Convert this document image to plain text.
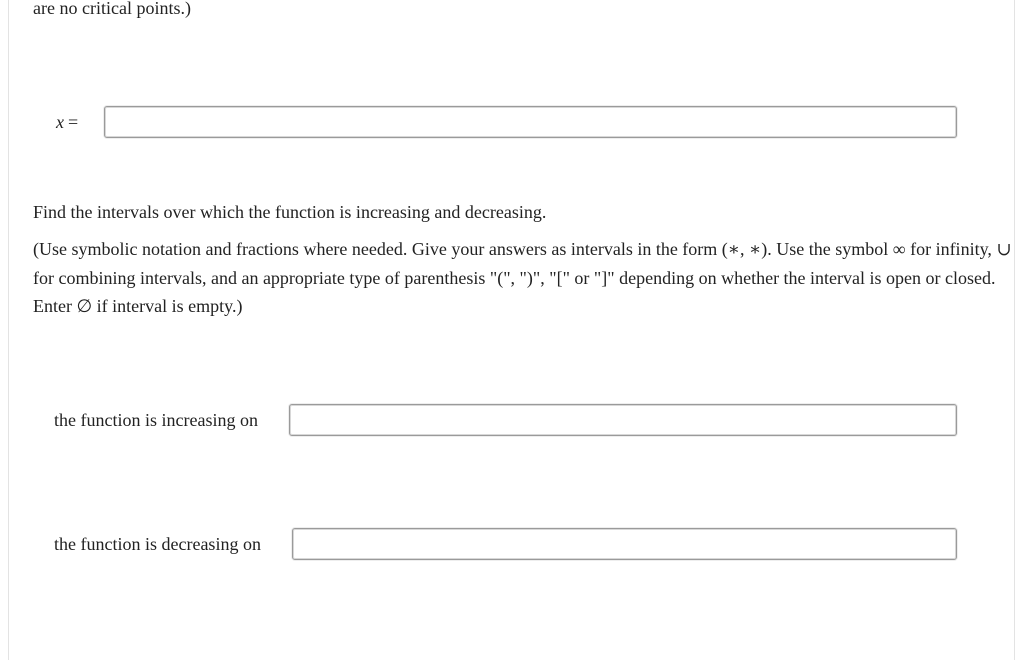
are no critical points.)
x =
Find the intervals over which the function is increasing and decreasing.
(Use symbolic notation and fractions where needed. Give your answers as intervals in the form (∗, ∗). Use the symbol ∞ for infinity, ∪ for combining intervals, and an appropriate type of parenthesis "(", ")", "[" or "]" depending on whether the interval is open or closed. Enter ∅ if interval is empty.)
the function is increasing on
the function is decreasing on
